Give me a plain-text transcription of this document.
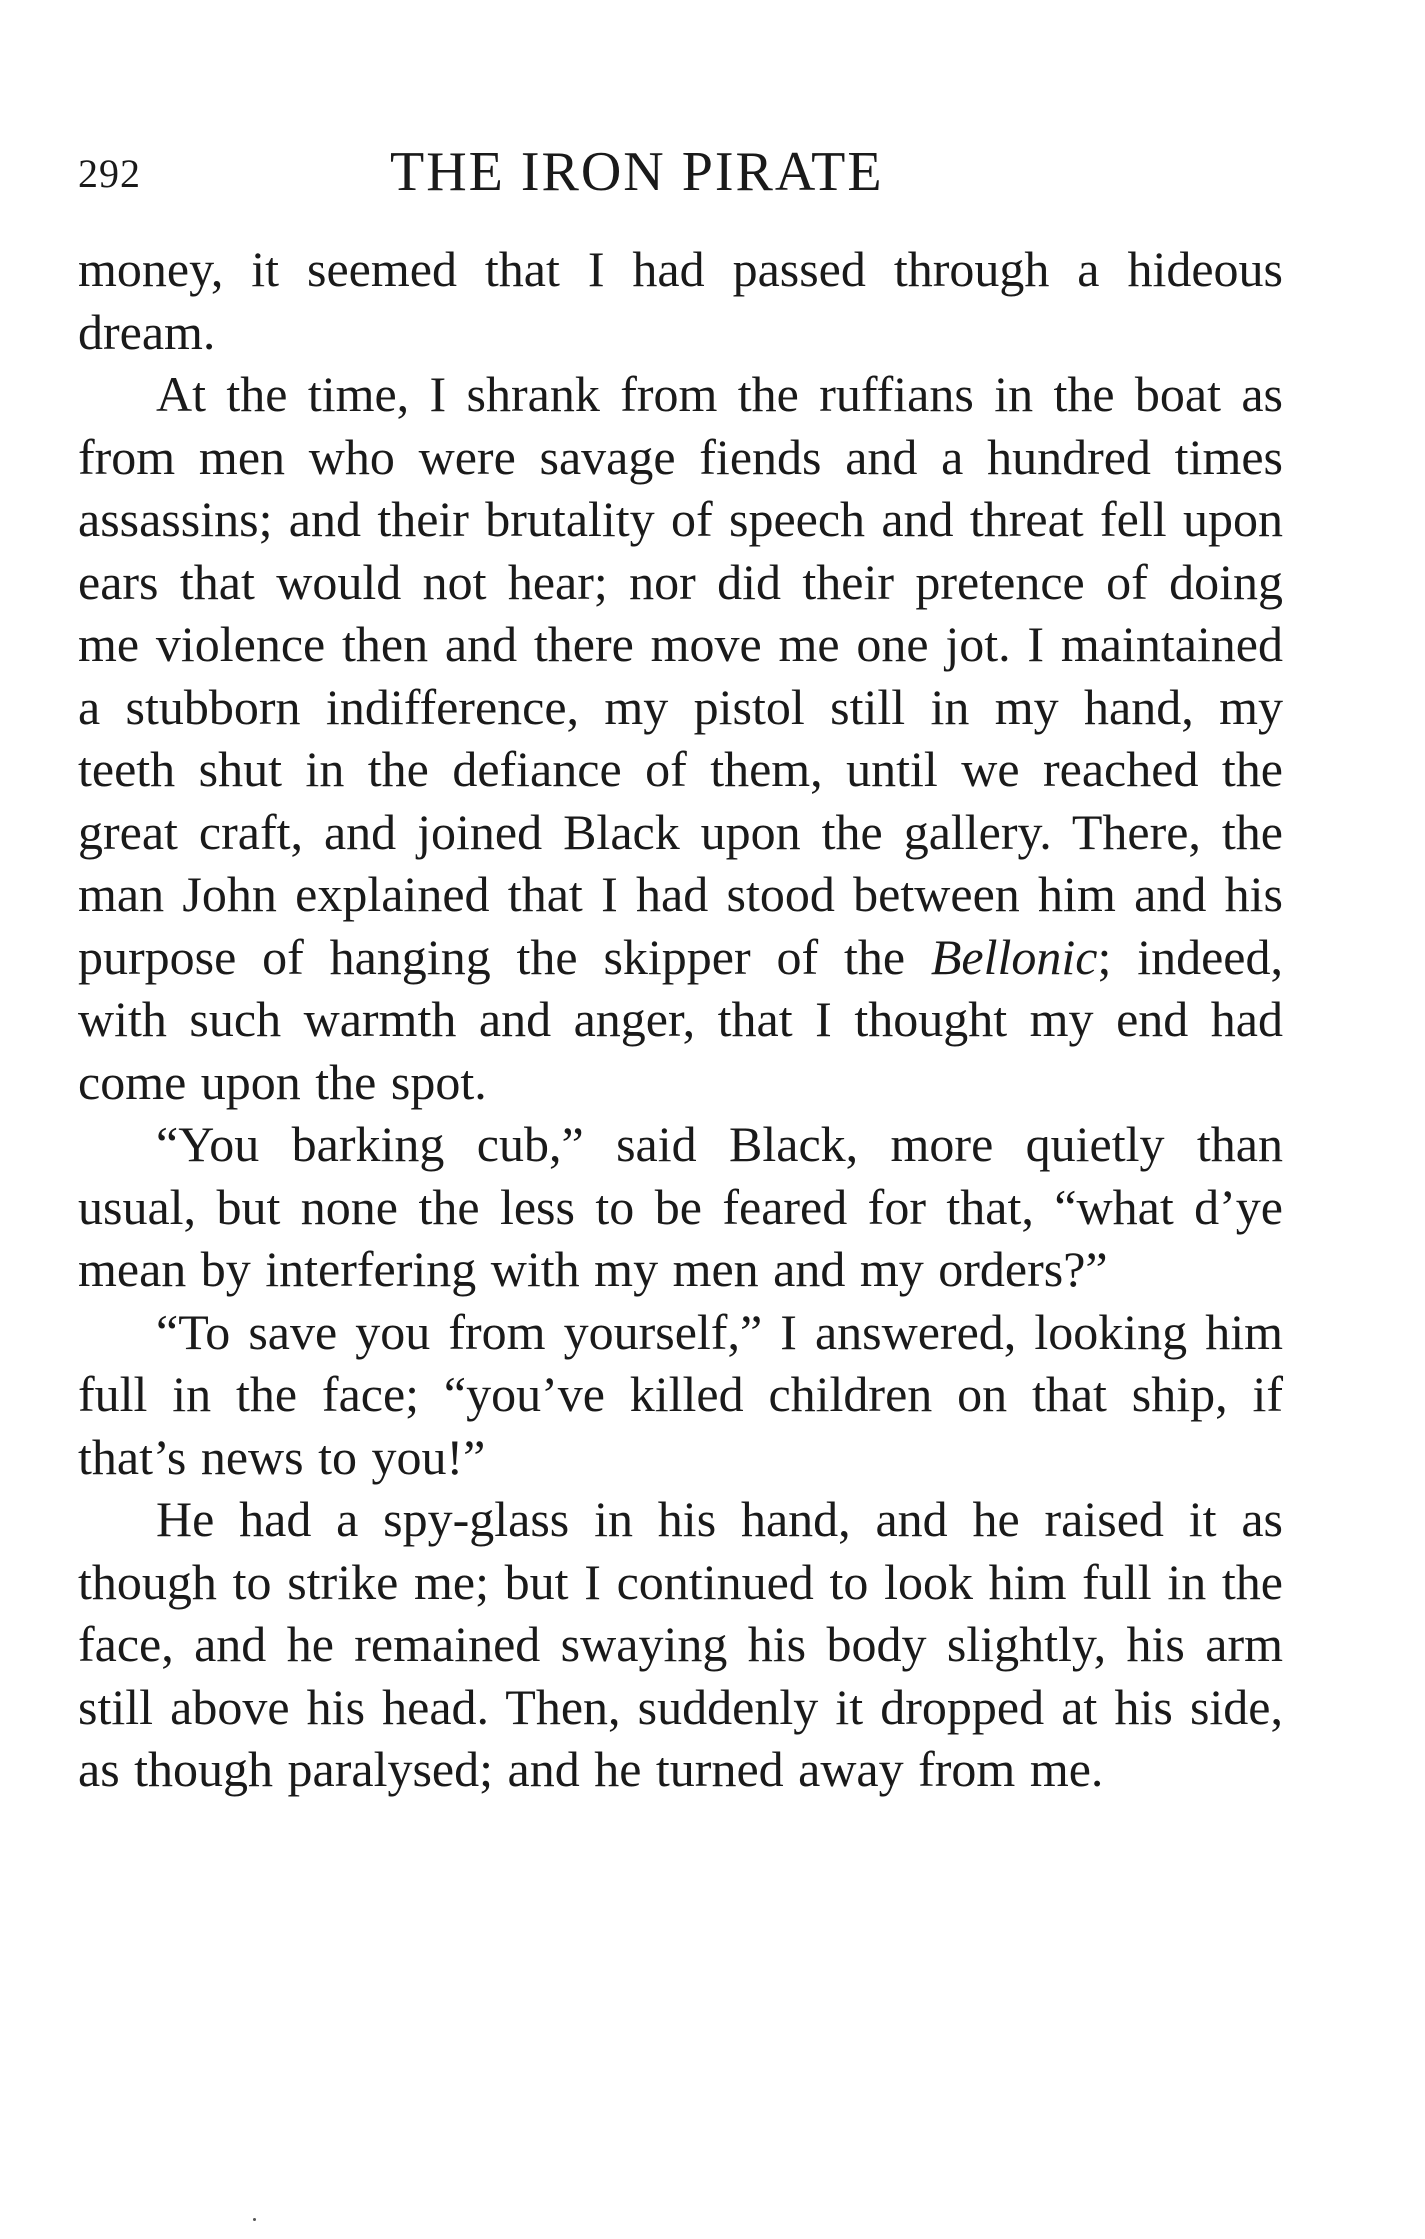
292	THE IRON PIRATE

money, it seemed that I had passed through a hideous dream.

At the time, I shrank from the ruffians in the boat as from men who were savage fiends and a hundred times assassins; and their brutality of speech and threat fell upon ears that would not hear; nor did their pretence of doing me violence then and there move me one jot. I maintained a stubborn indifference, my pistol still in my hand, my teeth shut in the defiance of them, until we reached the great craft, and joined Black upon the gallery. There, the man John explained that I had stood between him and his purpose of hanging the skipper of the Bellonic; indeed, with such warmth and anger, that I thought my end had come upon the spot.

“You barking cub,” said Black, more quietly than usual, but none the less to be feared for that, “what d’ye mean by interfering with my men and my orders?”

“To save you from yourself,” I answered, looking him full in the face; “you’ve killed children on that ship, if that’s news to you!”

He had a spy-glass in his hand, and he raised it as though to strike me; but I continued to look him full in the face, and he remained swaying his body slightly, his arm still above his head. Then, suddenly it dropped at his side, as though paralysed; and he turned away from me.
